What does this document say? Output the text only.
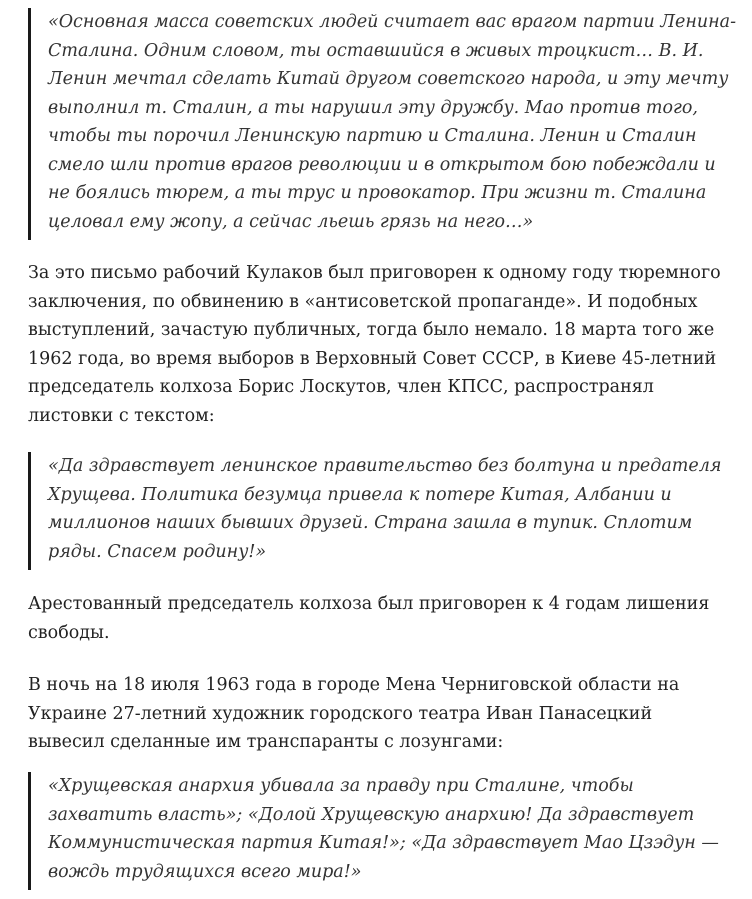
«Основная масса советских людей считает вас врагом партии Ленина-Сталина. Одним словом, ты оставшийся в живых троцкист… В. И. Ленин мечтал сделать Китай другом советского народа, и эту мечту выполнил т. Сталин, а ты нарушил эту дружбу. Мао против того, чтобы ты порочил Ленинскую партию и Сталина. Ленин и Сталин смело шли против врагов революции и в открытом бою побеждали и не боялись тюрем, а ты трус и провокатор. При жизни т. Сталина целовал ему жопу, а сейчас льешь грязь на него…»

За это письмо рабочий Кулаков был приговорен к одному году тюремного заключения, по обвинению в «антисоветской пропаганде». И подобных выступлений, зачастую публичных, тогда было немало. 18 марта того же 1962 года, во время выборов в Верховный Совет СССР, в Киеве 45-летний председатель колхоза Борис Лоскутов, член КПСС, распространял листовки с текстом:

«Да здравствует ленинское правительство без болтуна и предателя Хрущева. Политика безумца привела к потере Китая, Албании и миллионов наших бывших друзей. Страна зашла в тупик. Сплотим ряды. Спасем родину!»

Арестованный председатель колхоза был приговорен к 4 годам лишения свободы.

В ночь на 18 июля 1963 года в городе Мена Черниговской области на Украине 27-летний художник городского театра Иван Панасецкий вывесил сделанные им транспаранты с лозунгами:

«Хрущевская анархия убивала за правду при Сталине, чтобы захватить власть»; «Долой Хрущевскую анархию! Да здравствует Коммунистическая партия Китая!»; «Да здравствует Мао Цзэдун — вождь трудящихся всего мира!»
